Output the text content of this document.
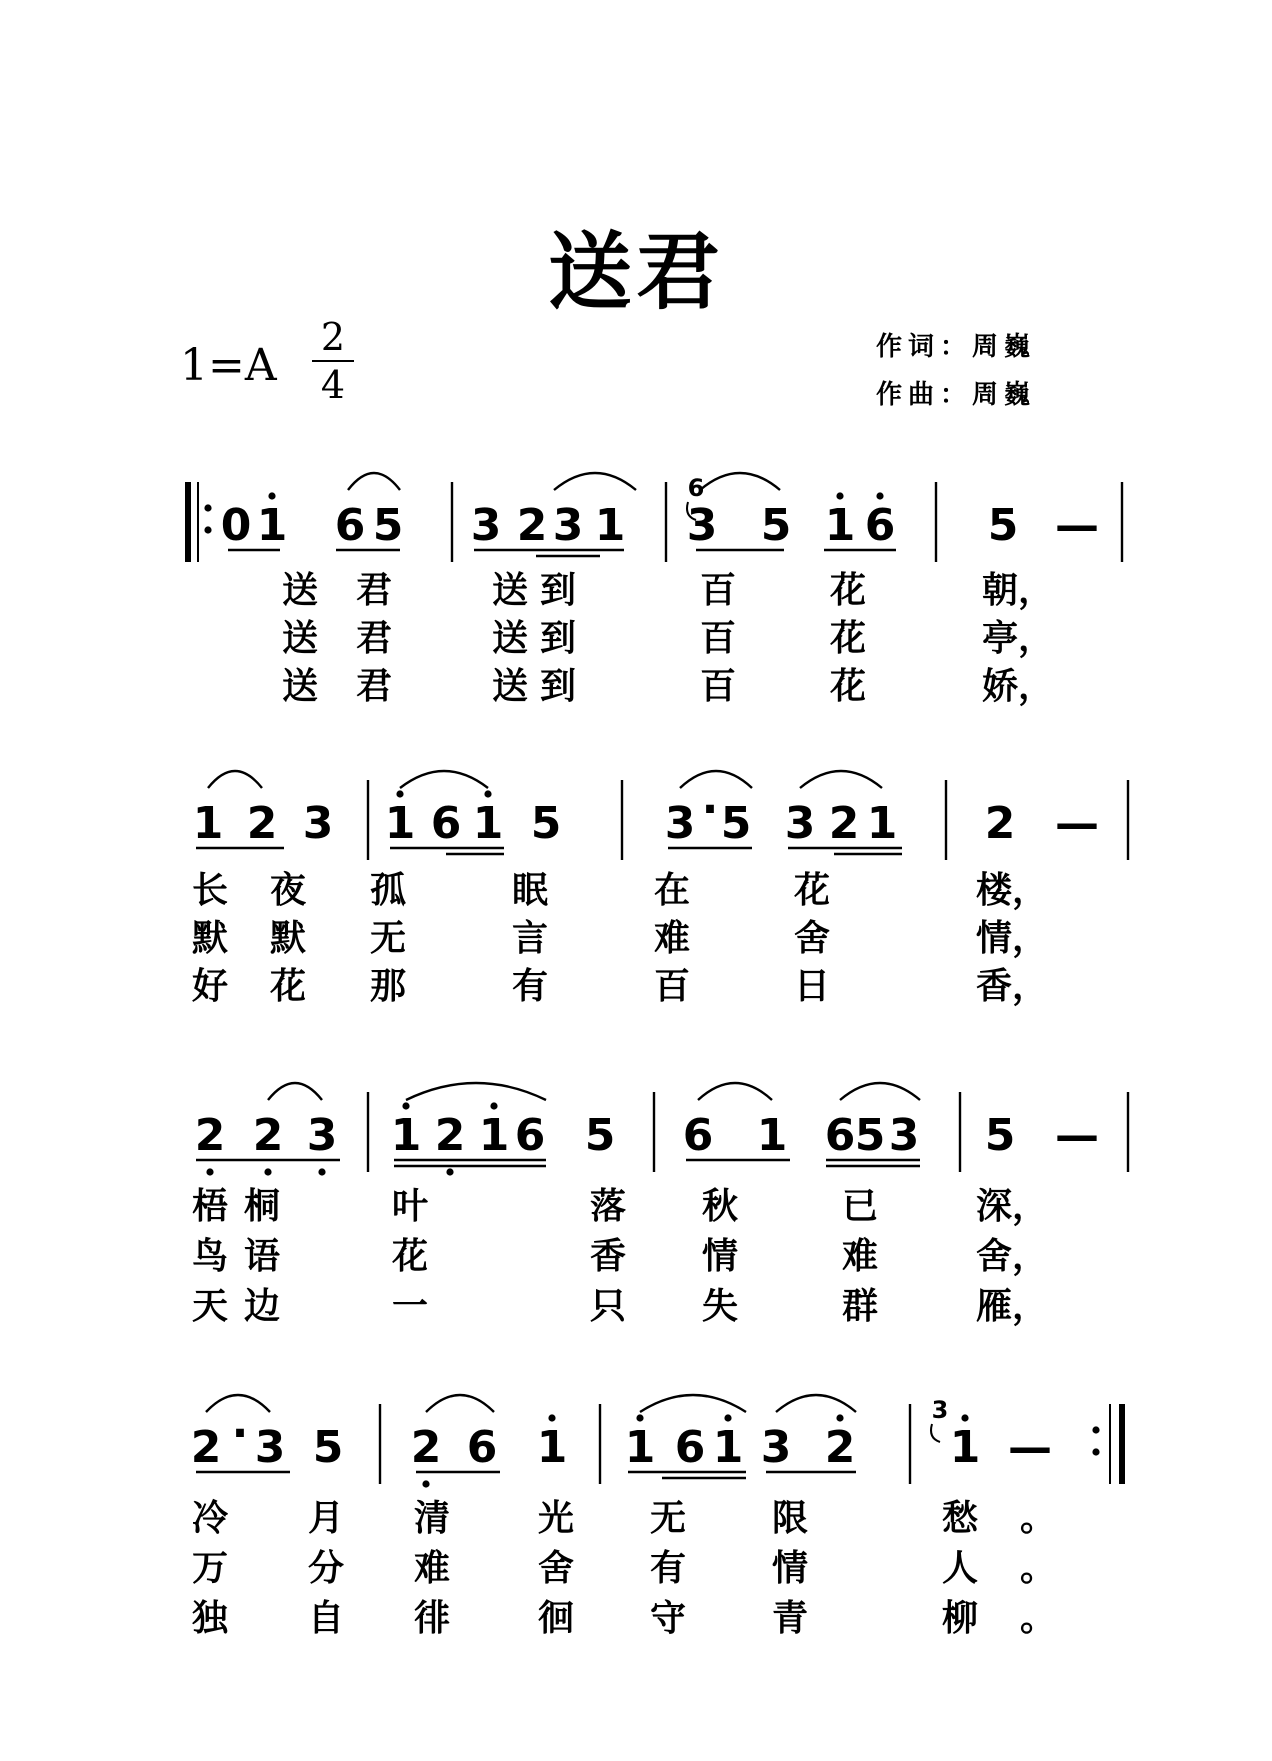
送君
1=A
2
4
作词：周巍
作曲：周巍
0 1 6 5 3 2 3 1 3 5 1 6 5 —
6
送 君	送 到	百	花	朝，
送 君	送 到	百	花	亭，
送 君	送 到	百	花	娇，
1 2 3 1 6 1 5 3 · 5 3 2 1 2 —
长 夜 孤	眠	在	花	楼，
默 默 无	言	难	舍	情，
好 花 那	有	百	日	香，
2 2 3 1 2 1 6 5 6 1 6 5 3 5 —
梧 桐	叶	落 秋	已	深，
鸟 语	花	香 情	难	舍，
天 边	一	只 失	群	雁，
2 · 3 5 2 6 1 1 6 1 3 2 1 —
3
冷 月 清 光 无 限	愁 。
万 分 难 舍 有 情	人 。
独 自 徘 徊 守 青	柳 。
